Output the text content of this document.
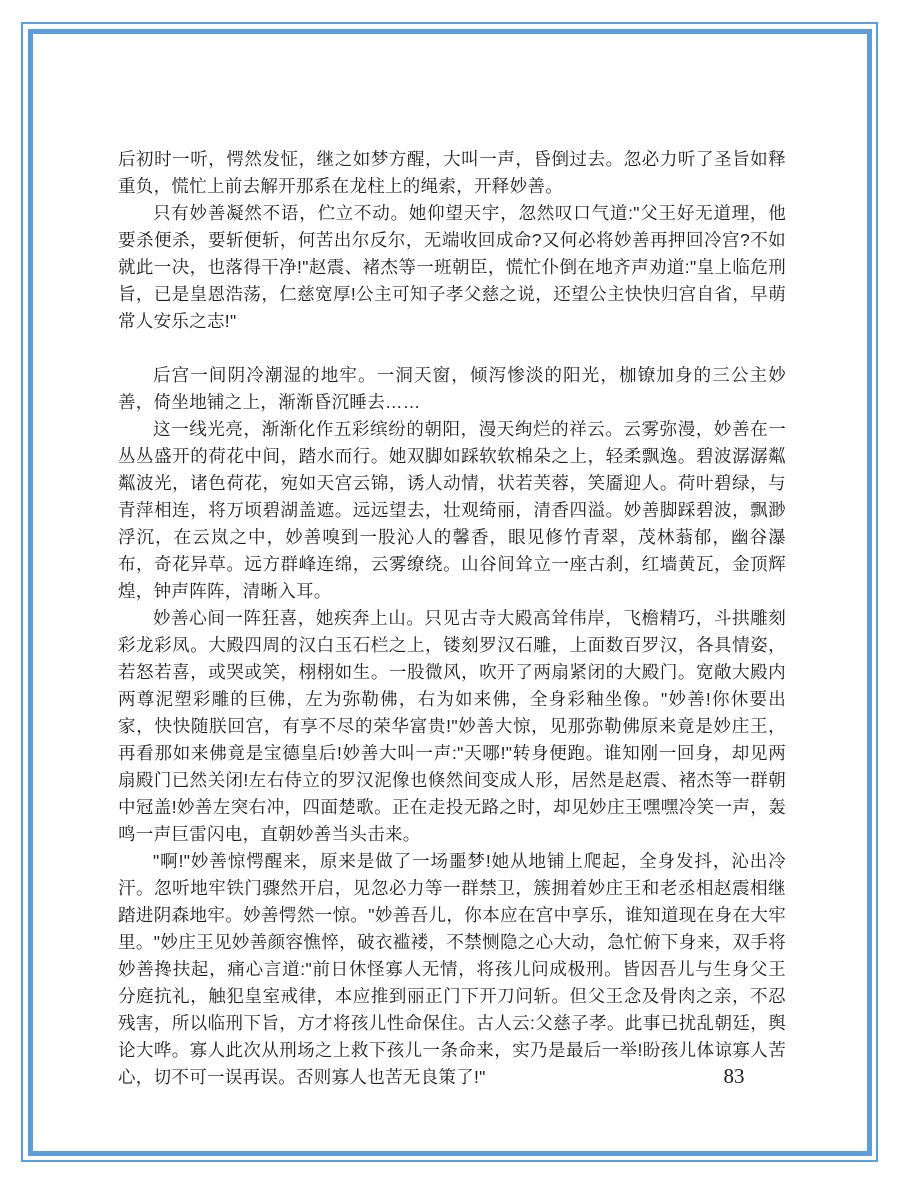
后初时一听，愕然发怔，继之如梦方醒，大叫一声，昏倒过去。忽必力听了圣旨如释重负，慌忙上前去解开那系在龙柱上的绳索，开释妙善。

只有妙善凝然不语，伫立不动。她仰望天宇，忽然叹口气道:"父王好无道理，他要杀便杀，要斩便斩，何苦出尔反尔，无端收回成命?又何必将妙善再押回冷宫?不如就此一决，也落得干净!"赵震、褚杰等一班朝臣，慌忙仆倒在地齐声劝道:"皇上临危刑旨，已是皇恩浩荡，仁慈宽厚!公主可知子孝父慈之说，还望公主快快归宫自省，早萌常人安乐之志!"

后宫一间阴冷潮湿的地牢。一洞天窗，倾泻惨淡的阳光，枷镣加身的三公主妙善，倚坐地铺之上，渐渐昏沉睡去……

这一线光亮，渐渐化作五彩缤纷的朝阳，漫天绚烂的祥云。云雾弥漫，妙善在一丛丛盛开的荷花中间，踏水而行。她双脚如踩软软棉朵之上，轻柔飘逸。碧波潺潺粼粼波光，诸色荷花，宛如天宫云锦，诱人动情，状若芙蓉，笑靥迎人。荷叶碧绿，与青萍相连，将万顷碧湖盖遮。远远望去，壮观绮丽，清香四溢。妙善脚踩碧波，飘渺浮沉，在云岚之中，妙善嗅到一股沁人的馨香，眼见修竹青翠，茂林蓊郁，幽谷瀑布，奇花异草。远方群峰连绵，云雾缭绕。山谷间耸立一座古刹，红墙黄瓦，金顶辉煌，钟声阵阵，清晰入耳。

妙善心间一阵狂喜，她疾奔上山。只见古寺大殿高耸伟岸，飞檐精巧，斗拱雕刻彩龙彩凤。大殿四周的汉白玉石栏之上，镂刻罗汉石雕，上面数百罗汉，各具情姿，若怒若喜，或哭或笑，栩栩如生。一股微风，吹开了两扇紧闭的大殿门。宽敞大殿内两尊泥塑彩雕的巨佛，左为弥勒佛，右为如来佛，全身彩釉坐像。"妙善!你休要出家，快快随朕回宫，有享不尽的荣华富贵!"妙善大惊，见那弥勒佛原来竟是妙庄王，再看那如来佛竟是宝德皇后!妙善大叫一声:"天哪!"转身便跑。谁知刚一回身，却见两扇殿门已然关闭!左右侍立的罗汉泥像也倏然间变成人形，居然是赵震、褚杰等一群朝中冠盖!妙善左突右冲，四面楚歌。正在走投无路之时，却见妙庄王嘿嘿冷笑一声，轰鸣一声巨雷闪电，直朝妙善当头击来。

"啊!"妙善惊愕醒来，原来是做了一场噩梦!她从地铺上爬起，全身发抖，沁出冷汗。忽听地牢铁门骤然开启，见忽必力等一群禁卫，簇拥着妙庄王和老丞相赵震相继踏进阴森地牢。妙善愕然一惊。"妙善吾儿，你本应在宫中享乐，谁知道现在身在大牢里。"妙庄王见妙善颜容憔悴，破衣褴褛，不禁恻隐之心大动，急忙俯下身来，双手将妙善搀扶起，痛心言道:"前日休怪寡人无情，将孩儿问成极刑。皆因吾儿与生身父王分庭抗礼，触犯皇室戒律，本应推到丽正门下开刀问斩。但父王念及骨肉之亲，不忍残害，所以临刑下旨，方才将孩儿性命保住。古人云:父慈子孝。此事已扰乱朝廷，舆论大哗。寡人此次从刑场之上救下孩儿一条命来，实乃是最后一举!盼孩儿体谅寡人苦心，切不可一误再误。否则寡人也苦无良策了!"	83
